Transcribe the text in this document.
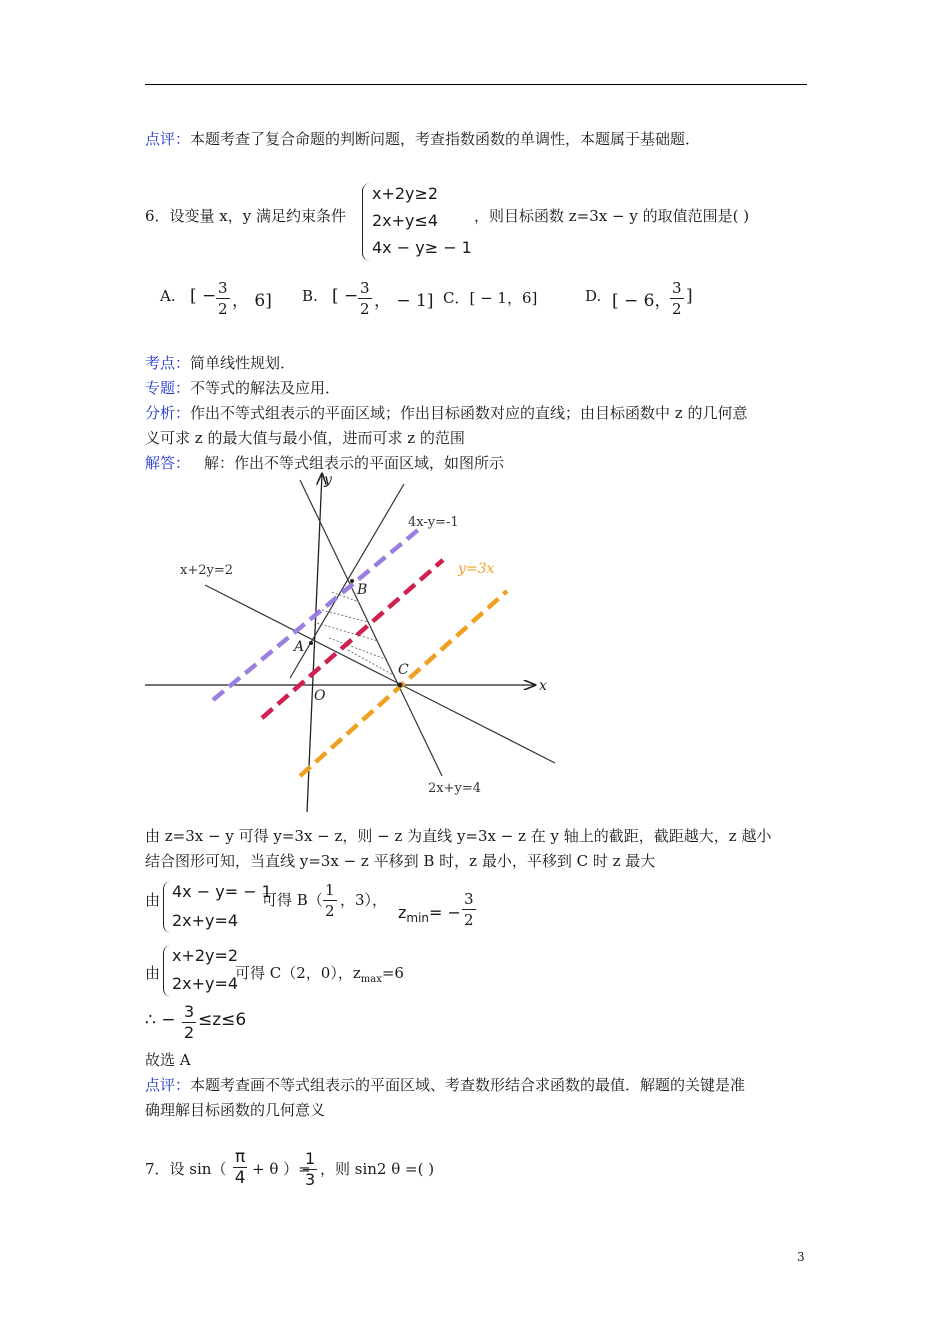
点评：本题考查了复合命题的判断问题，考查指数函数的单调性，本题属于基础题．
6．设变量 x，y 满足约束条件
x+2y≥2
2x+y≤4
4x − y≥ − 1
，则目标函数 z=3x − y 的取值范围是( )
A. [ − $\frac{3}{2}$ ， 6] B. [ − $\frac{3}{2}$ ， − 1] C．[ − 1，6]	D. [ − 6，
$\frac{3}{2}$ ]
考点：简单线性规划．
专题：不等式的解法及应用．
分析：作出不等式组表示的平面区域；作出目标函数对应的直线；由目标函数中 z 的几何意
义可求 z 的最大值与最小值，进而可求 z 的范围
解答： 解：作出不等式组表示的平面区域，如图所示
x
y
O
A
B
C
4x-y=-1
x+2y=2
2x+y=4
y=3x
由 z=3x − y 可得 y=3x − z，则 − z 为直线 y=3x − z 在 y 轴上的截距，截距越大，z 越小
结合图形可知，当直线 y=3x − z 平移到 B 时，z 最小，平移到 C 时 z 最大
由 4x − y= − 1
2x+y=4
可得 $B( \frac{1}{2}$ ，3），
$z_{min}= - \frac{3}{2}$
由
x+2y=2
2x+y=4
可得 C（2，0），$z_{max}=6$
∴ − $\frac{3}{2} \le z\le 6$
故选 A
点评：本题考查画不等式组表示的平面区域、考查数形结合求函数的最值．解题的关键是准
确理解目标函数的几何意义
7．设 $\sin( \frac{\pi}{4} + \theta$ ）=
$\frac{1}{3}$ ，则 sin2 θ =( )
3
